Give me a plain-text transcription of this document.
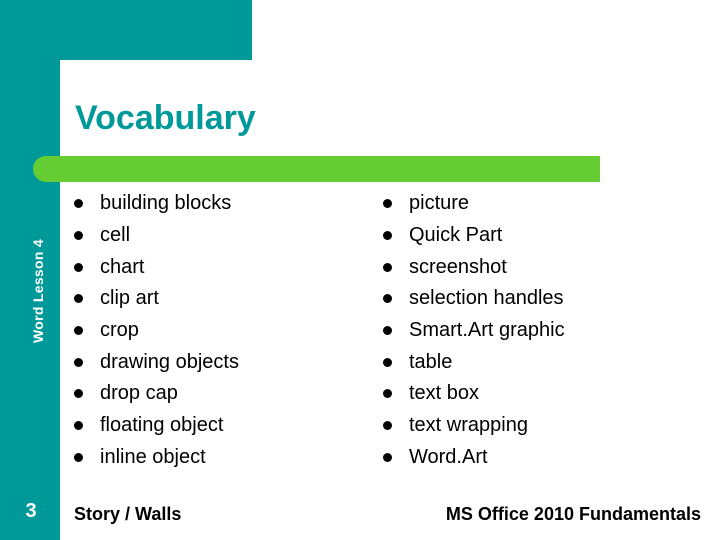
Word Lesson 4
3
Vocabulary
building blocks
cell
chart
clip art
crop
drawing objects
drop cap
floating object
inline object
picture
Quick Part
screenshot
selection handles
Smart.Art graphic
table
text box
text wrapping
Word.Art
Story / Walls	MS Office 2010 Fundamentals
